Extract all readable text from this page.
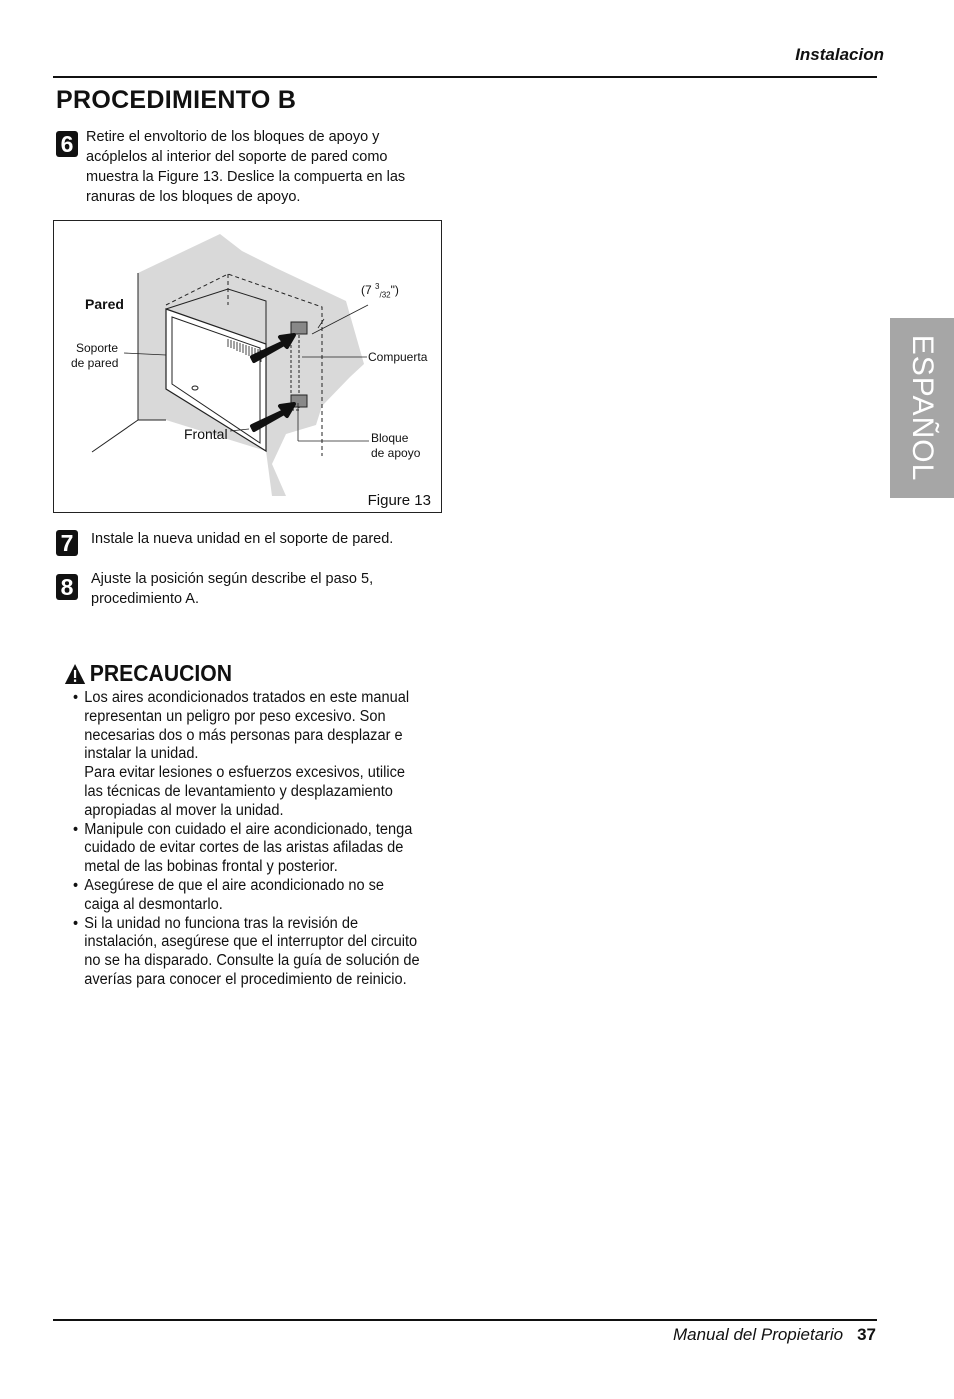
Instalacion
PROCEDIMIENTO B
6 Retire el envoltorio de los bloques de apoyo y acóplelos al interior del soporte de pared como muestra la Figure 13. Deslice la compuerta en las ranuras de los bloques de apoyo.
Pared
Soporte
de pared
(7 $^3_{/32}$")
Compuerta
Frontal	Bloque
de apoyo
Figure 13
7	Instale la nueva unidad en el soporte de pared.
8	Ajuste la posición según describe el paso 5, procedimiento A.
PRECAUCION
• Los aires acondicionados tratados en este manual representan un peligro por peso excesivo. Son necesarias dos o más personas para desplazar e instalar la unidad.
Para evitar lesiones o esfuerzos excesivos, utilice las técnicas de levantamiento y desplazamiento apropiadas al mover la unidad.
• Manipule con cuidado el aire acondicionado, tenga cuidado de evitar cortes de las aristas afiladas de metal de las bobinas frontal y posterior.
• Asegúrese de que el aire acondicionado no se caiga al desmontarlo.
• Si la unidad no funciona tras la revisión de instalación, asegúrese que el interruptor del circuito no se ha disparado. Consulte la guía de solución de averías para conocer el procedimiento de reinicio.
ESPAÑOL
Manual del Propietario 37
